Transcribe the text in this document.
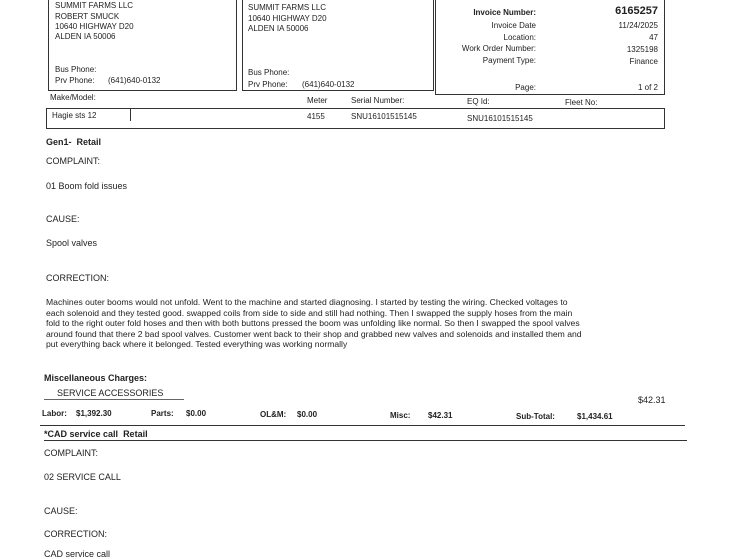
SUMMIT FARMS LLC
ROBERT SMUCK
10640 HIGHWAY D20
ALDEN IA 50006
Bus Phone:
Prv Phone: (641)640-0132
SUMMIT FARMS LLC
10640 HIGHWAY D20
ALDEN IA 50006
Bus Phone:
Prv Phone: (641)640-0132
Invoice Number:	6165257
Invoice Date	11/24/2025
Location:	47
Work Order Number:	1325198
Payment Type:	Finance
Page:	1 of 2
Make/Model:	Meter	Serial Number:	EQ Id:	Fleet No:
Hagie sts 12	4155	SNU16101515145	SNU16101515145
Gen1- Retail
COMPLAINT:
01 Boom fold issues
CAUSE:
Spool valves
CORRECTION:
Machines outer booms would not unfold. Went to the machine and started diagnosing. I started by testing the wiring. Checked voltages to
each solenoid and they tested good. swapped coils from side to side and still had nothing. Then I swapped the supply hoses from the main
fold to the right outer fold hoses and then with both buttons pressed the boom was unfolding like normal. So then I swapped the spool valves
around found that there 2 bad spool valves. Customer went back to their shop and grabbed new valves and solenoids and installed them and
put everything back where it belonged. Tested everything was working normally
Miscellaneous Charges:
SERVICE ACCESSORIES
$42.31
Labor: $1,392.30	Parts: $0.00	OL&M: $0.00	Misc: $42.31	Sub-Total:	$1,434.61
*CAD service call Retail
COMPLAINT:
02 SERVICE CALL
CAUSE:
CORRECTION:
CAD service call
